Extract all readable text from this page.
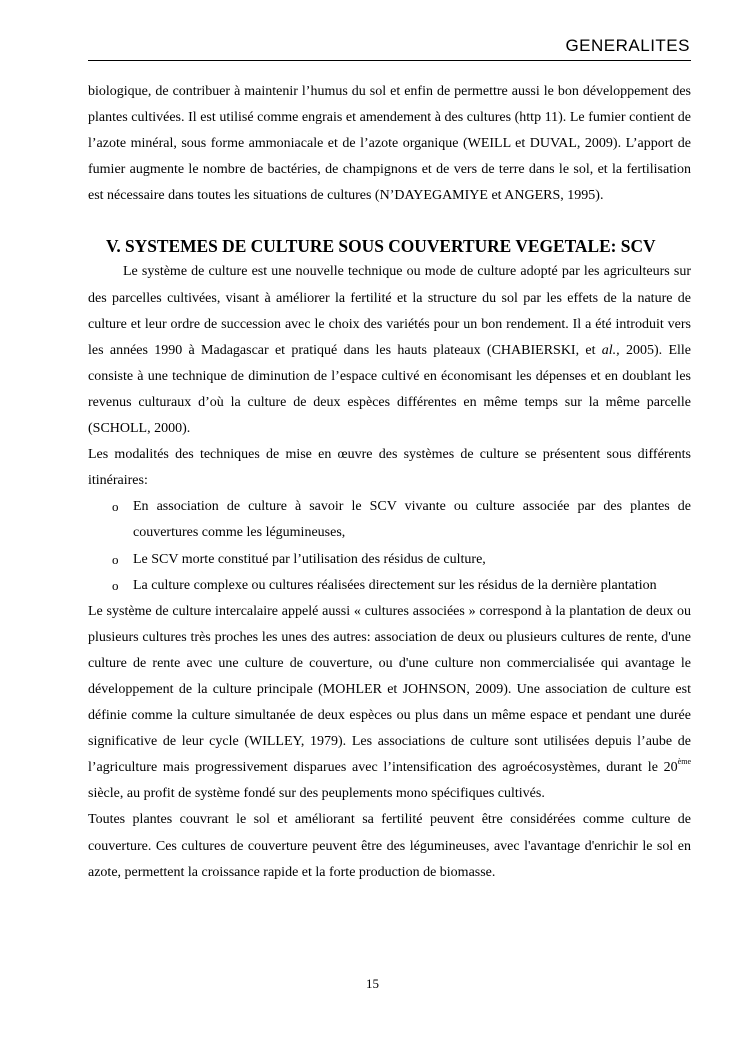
GENERALITES

biologique, de contribuer à maintenir l’humus du sol et enfin de permettre aussi le bon développement des plantes cultivées. Il est utilisé comme engrais et amendement à des cultures (http 11). Le fumier contient de l’azote minéral, sous forme ammoniacale et de l’azote organique (WEILL et DUVAL, 2009). L’apport de fumier augmente le nombre de bactéries, de champignons et de vers de terre dans le sol, et la fertilisation est nécessaire dans toutes les situations de cultures (N’DAYEGAMIYE et ANGERS, 1995).

V. SYSTEMES DE CULTURE SOUS COUVERTURE VEGETALE: SCV

Le système de culture est une nouvelle technique ou mode de culture adopté par les agriculteurs sur des parcelles cultivées, visant à améliorer la fertilité et la structure du sol par les effets de la nature de culture et leur ordre de succession avec le choix des variétés pour un bon rendement. Il a été introduit vers les années 1990 à Madagascar et pratiqué dans les hauts plateaux (CHABIERSKI, et al., 2005). Elle consiste à une technique de diminution de l’espace cultivé en économisant les dépenses et en doublant les revenus culturaux d’où la culture de deux espèces différentes en même temps sur la même parcelle (SCHOLL, 2000).

Les modalités des techniques de mise en œuvre des systèmes de culture se présentent sous différents itinéraires:

o En association de culture à savoir le SCV vivante ou culture associée par des plantes de couvertures comme les légumineuses,
o Le SCV morte constitué par l’utilisation des résidus de culture,
o La culture complexe ou cultures réalisées directement sur les résidus de la dernière plantation

Le système de culture intercalaire appelé aussi « cultures associées » correspond à la plantation de deux ou plusieurs cultures très proches les unes des autres: association de deux ou plusieurs cultures de rente, d'une culture de rente avec une culture de couverture, ou d'une culture non commercialisée qui avantage le développement de la culture principale (MOHLER et JOHNSON, 2009). Une association de culture est définie comme la culture simultanée de deux espèces ou plus dans un même espace et pendant une durée significative de leur cycle (WILLEY, 1979). Les associations de culture sont utilisées depuis l’aube de l’agriculture mais progressivement disparues avec l’intensification des agroécosystèmes, durant le 20ème siècle, au profit de système fondé sur des peuplements mono spécifiques cultivés.

Toutes plantes couvrant le sol et améliorant sa fertilité peuvent être considérées comme culture de couverture. Ces cultures de couverture peuvent être des légumineuses, avec l'avantage d'enrichir le sol en azote, permettent la croissance rapide et la forte production de biomasse.

15
